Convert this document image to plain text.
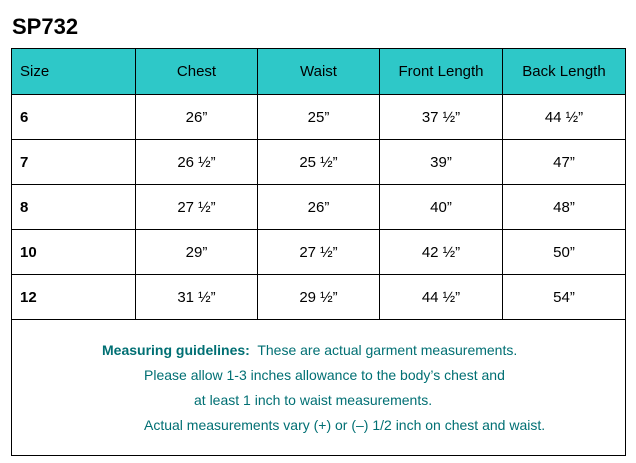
SP732
Size	Chest	Waist	Front Length	Back Length
6	26”	25”	37 ½”	44 ½”
7	26 ½”	25 ½”	39”	47”
8	27 ½”	26”	40”	48”
10	29”	27 ½”	42 ½”	50”
12	31 ½”	29 ½”	44 ½”	54”

Measuring guidelines: These are actual garment measurements.
Please allow 1-3 inches allowance to the body’s chest and
at least 1 inch to waist measurements.
Actual measurements vary (+) or (–) 1/2 inch on chest and waist.				
